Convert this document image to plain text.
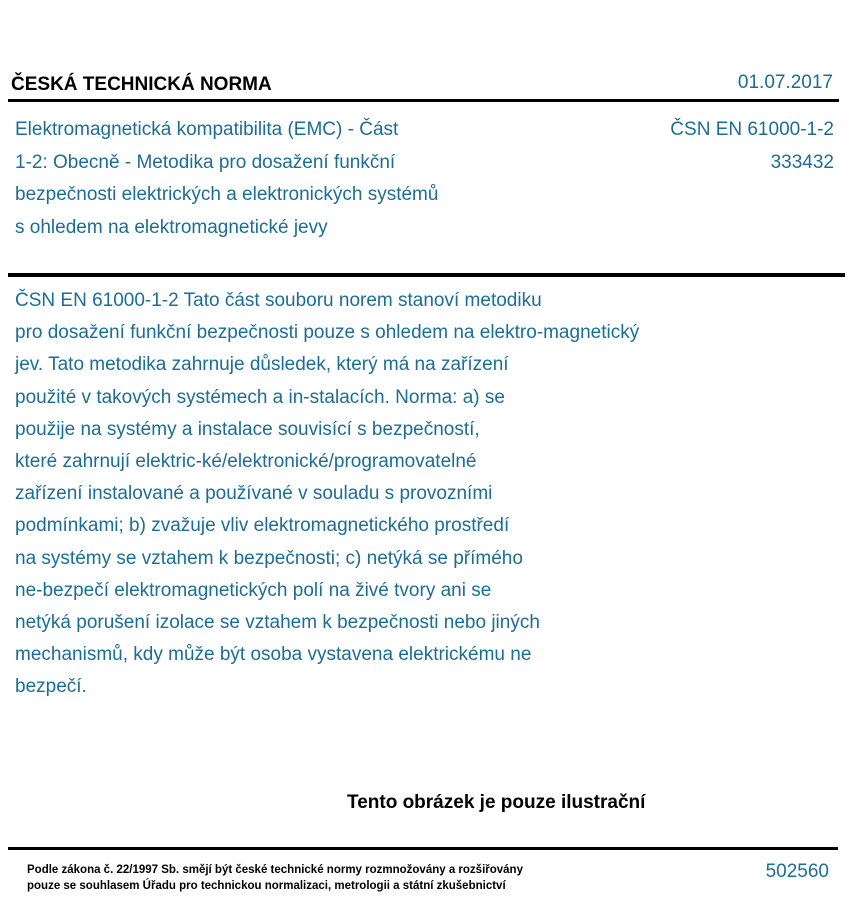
ČESKÁ TECHNICKÁ NORMA	01.07.2017
Elektromagnetická kompatibilita (EMC) - Část
1-2: Obecně - Metodika pro dosažení funkční
bezpečnosti elektrických a elektronických systémů
s ohledem na elektromagnetické jevy
ČSN EN 61000-1-2
333432
ČSN EN 61000-1-2 Tato část souboru norem stanoví metodiku
pro dosažení funkční bezpečnosti pouze s ohledem na elektro-magnetický
jev. Tato metodika zahrnuje důsledek, který má na zařízení
použité v takových systémech a in-stalacích. Norma: a) se
použije na systémy a instalace souvisící s bezpečností,
které zahrnují elektric-ké/elektronické/programovatelné
zařízení instalované a používané v souladu s provozními
podmínkami; b) zvažuje vliv elektromagnetického prostředí
na systémy se vztahem k bezpečnosti; c) netýká se přímého
ne-bezpečí elektromagnetických polí na živé tvory ani se
netýká porušení izolace se vztahem k bezpečnosti nebo jiných
mechanismů, kdy může být osoba vystavena elektrickému ne
bezpečí.
Tento obrázek je pouze ilustrační
Podle zákona č. 22/1997 Sb. smějí být české technické normy rozmnožovány a rozšiřovány
pouze se souhlasem Úřadu pro technickou normalizaci, metrologii a státní zkušebnictví
502560
